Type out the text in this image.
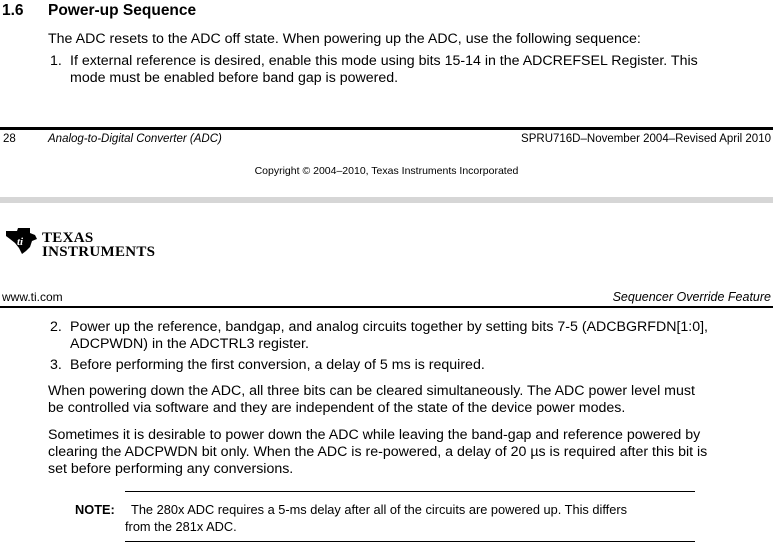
1.6 Power-up Sequence
The ADC resets to the ADC off state. When powering up the ADC, use the following sequence:
1. If external reference is desired, enable this mode using bits 15-14 in the ADCREFSEL Register. This
mode must be enabled before band gap is powered.
28	Analog-to-Digital Converter (ADC)	SPRU716D–November 2004–Revised April 2010
Copyright © 2004–2010, Texas Instruments Incorporated
ti TEXAS
INSTRUMENTS
www.ti.com	Sequencer Override Feature
2. Power up the reference, bandgap, and analog circuits together by setting bits 7-5 (ADCBGRFDN[1:0],
ADCPWDN) in the ADCTRL3 register.
3. Before performing the first conversion, a delay of 5 ms is required.
When powering down the ADC, all three bits can be cleared simultaneously. The ADC power level must
be controlled via software and they are independent of the state of the device power modes.
Sometimes it is desirable to power down the ADC while leaving the band-gap and reference powered by
clearing the ADCPWDN bit only. When the ADC is re-powered, a delay of 20 µs is required after this bit is
set before performing any conversions.
NOTE: The 280x ADC requires a 5-ms delay after all of the circuits are powered up. This differs
from the 281x ADC.
